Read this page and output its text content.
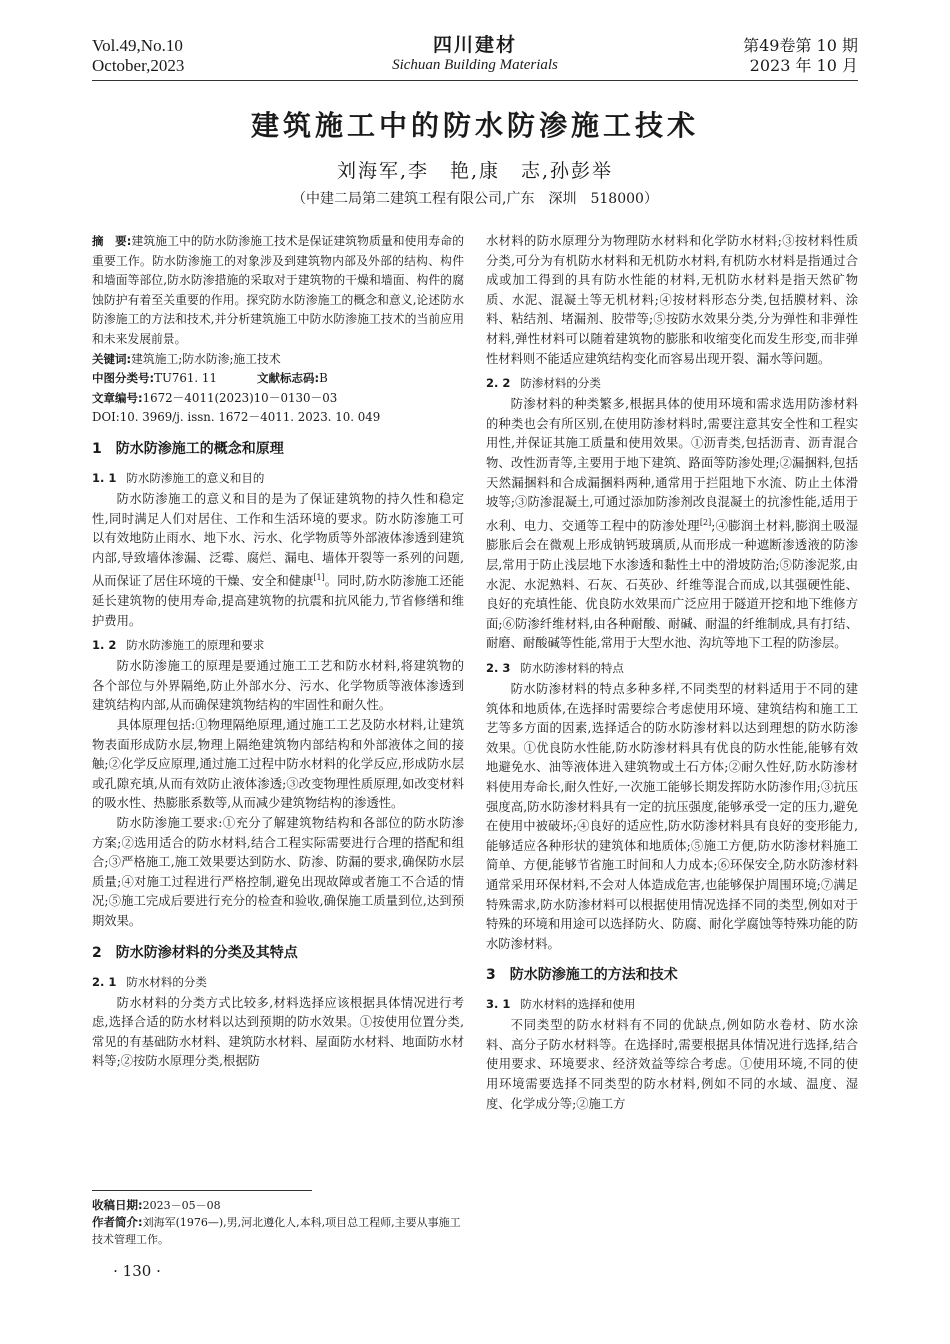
Vol.49,No.10
October,2023
四川建材
Sichuan Building Materials
第49卷第 10 期
2023 年 10 月
建筑施工中的防水防渗施工技术
刘海军,李　艳,康　志,孙彭举
（中建二局第二建筑工程有限公司,广东　深圳　518000）

摘　要:建筑施工中的防水防渗施工技术是保证建筑物质量和使用寿命的重要工作。防水防渗施工的对象涉及到建筑物内部及外部的结构、构件和墙面等部位,防水防渗措施的采取对于建筑物的干燥和墙面、构件的腐蚀防护有着至关重要的作用。探究防水防渗施工的概念和意义,论述防水防渗施工的方法和技术,并分析建筑施工中防水防渗施工技术的当前应用和未来发展前景。

关键词:建筑施工;防水防渗;施工技术

中图分类号:TU761. 11	文献标志码:B

文章编号:1672－4011(2023)10－0130－03

DOI:10. 3969/j. issn. 1672－4011. 2023. 10. 049

1　防水防渗施工的概念和原理
1. 1 防水防渗施工的意义和目的

防水防渗施工的意义和目的是为了保证建筑物的持久性和稳定性,同时满足人们对居住、工作和生活环境的要求。防水防渗施工可以有效地防止雨水、地下水、污水、化学物质等外部液体渗透到建筑内部,导致墙体渗漏、泛霉、腐烂、漏电、墙体开裂等一系列的问题,从而保证了居住环境的干燥、安全和健康[1]。同时,防水防渗施工还能延长建筑物的使用寿命,提高建筑物的抗震和抗风能力,节省修缮和维护费用。

1. 2 防水防渗施工的原理和要求

防水防渗施工的原理是要通过施工工艺和防水材料,将建筑物的各个部位与外界隔绝,防止外部水分、污水、化学物质等液体渗透到建筑结构内部,从而确保建筑物结构的牢固性和耐久性。

具体原理包括:①物理隔绝原理,通过施工工艺及防水材料,让建筑物表面形成防水层,物理上隔绝建筑物内部结构和外部液体之间的接触;②化学反应原理,通过施工过程中防水材料的化学反应,形成防水层或孔隙充填,从而有效防止液体渗透;③改变物理性质原理,如改变材料的吸水性、热膨胀系数等,从而减少建筑物结构的渗透性。

防水防渗施工要求:①充分了解建筑物结构和各部位的防水防渗方案;②选用适合的防水材料,结合工程实际需要进行合理的搭配和组合;③严格施工,施工效果要达到防水、防渗、防漏的要求,确保防水层质量;④对施工过程进行严格控制,避免出现故障或者施工不合适的情况;⑤施工完成后要进行充分的检查和验收,确保施工质量到位,达到预期效果。

2　防水防渗材料的分类及其特点
2. 1 防水材料的分类

防水材料的分类方式比较多,材料选择应该根据具体情况进行考虑,选择合适的防水材料以达到预期的防水效果。①按使用位置分类,常见的有基础防水材料、建筑防水材料、屋面防水材料、地面防水材料等;②按防水原理分类,根据防

水材料的防水原理分为物理防水材料和化学防水材料;③按材料性质分类,可分为有机防水材料和无机防水材料,有机防水材料是指通过合成或加工得到的具有防水性能的材料,无机防水材料是指天然矿物质、水泥、混凝土等无机材料;④按材料形态分类,包括膜材料、涂料、粘结剂、堵漏剂、胶带等;⑤按防水效果分类,分为弹性和非弹性材料,弹性材料可以随着建筑物的膨胀和收缩变化而发生形变,而非弹性材料则不能适应建筑结构变化而容易出现开裂、漏水等问题。

2. 2 防渗材料的分类

防渗材料的种类繁多,根据具体的使用环境和需求选用防渗材料的种类也会有所区别,在使用防渗材料时,需要注意其安全性和工程实用性,并保证其施工质量和使用效果。①沥青类,包括沥青、沥青混合物、改性沥青等,主要用于地下建筑、路面等防渗处理;②漏捆料,包括天然漏捆料和合成漏捆料两种,通常用于拦阻地下水流、防止土体滑坡等;③防渗混凝土,可通过添加防渗剂改良混凝土的抗渗性能,适用于水利、电力、交通等工程中的防渗处理[2];④膨润土材料,膨润土吸湿膨胀后会在微观上形成钠钙玻璃质,从而形成一种遮断渗透液的防渗层,常用于防止浅层地下水渗透和黏性土中的滑坡防治;⑤防渗泥浆,由水泥、水泥熟料、石灰、石英砂、纤维等混合而成,以其强硬性能、良好的充填性能、优良防水效果而广泛应用于隧道开挖和地下维修方面;⑥防渗纤维材料,由各种耐酸、耐碱、耐温的纤维制成,具有打结、耐磨、耐酸碱等性能,常用于大型水池、沟坑等地下工程的防渗层。

2. 3 防水防渗材料的特点

防水防渗材料的特点多种多样,不同类型的材料适用于不同的建筑体和地质体,在选择时需要综合考虑使用环境、建筑结构和施工工艺等多方面的因素,选择适合的防水防渗材料以达到理想的防水防渗效果。①优良防水性能,防水防渗材料具有优良的防水性能,能够有效地避免水、油等液体进入建筑物或土石方体;②耐久性好,防水防渗材料使用寿命长,耐久性好,一次施工能够长期发挥防水防渗作用;③抗压强度高,防水防渗材料具有一定的抗压强度,能够承受一定的压力,避免在使用中被破坏;④良好的适应性,防水防渗材料具有良好的变形能力,能够适应各种形状的建筑体和地质体;⑤施工方便,防水防渗材料施工简单、方便,能够节省施工时间和人力成本;⑥环保安全,防水防渗材料通常采用环保材料,不会对人体造成危害,也能够保护周围环境;⑦满足特殊需求,防水防渗材料可以根据使用情况选择不同的类型,例如对于特殊的环境和用途可以选择防火、防腐、耐化学腐蚀等特殊功能的防水防渗材料。

3　防水防渗施工的方法和技术
3. 1 防水材料的选择和使用

不同类型的防水材料有不同的优缺点,例如防水卷材、防水涂料、高分子防水材料等。在选择时,需要根据具体情况进行选择,结合使用要求、环境要求、经济效益等综合考虑。①使用环境,不同的使用环境需要选择不同类型的防水材料,例如不同的水域、温度、湿度、化学成分等;②施工方

收稿日期:2023－05－08
作者简介:刘海军(1976—),男,河北遵化人,本科,项目总工程师,主要从事施工技术管理工作。
· 130 ·
